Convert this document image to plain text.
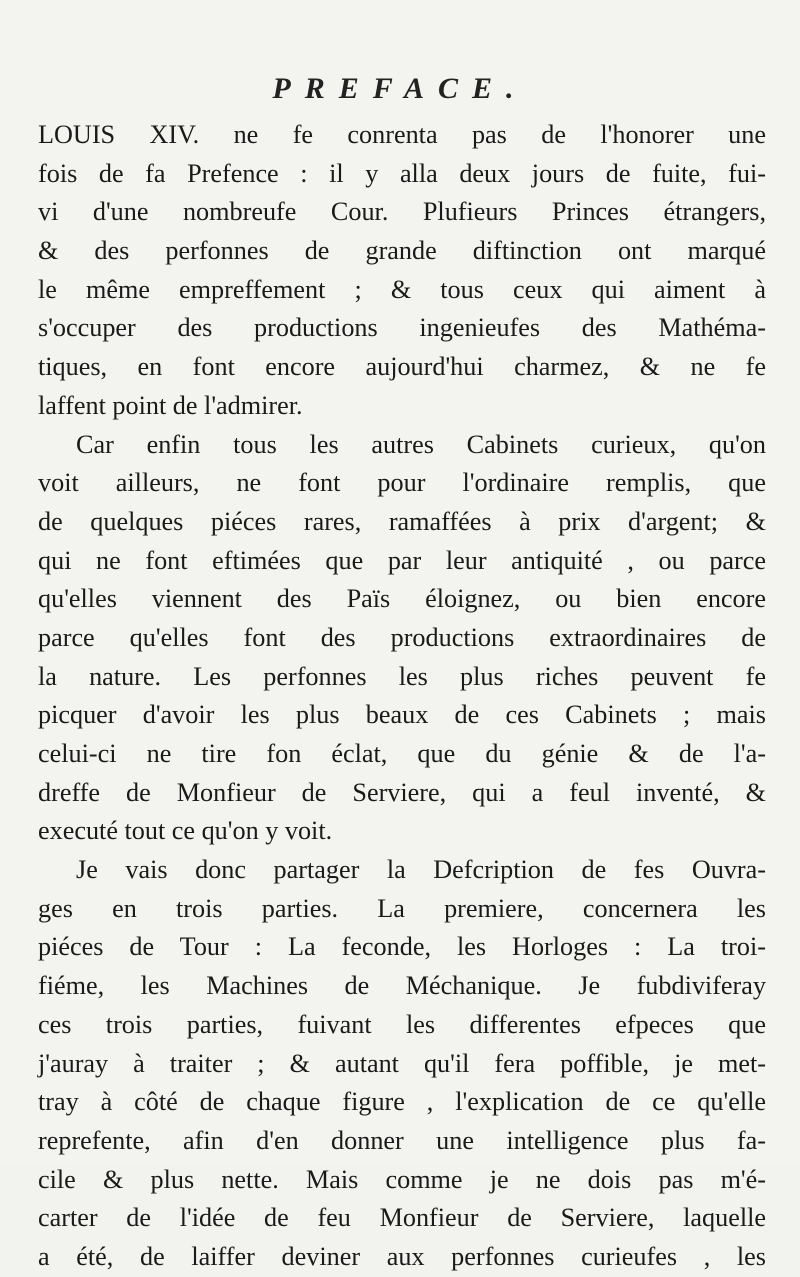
PREFACE.
LOUIS XIV. ne fe conrenta pas de l'honorer une
fois de fa Prefence : il y alla deux jours de fuite, fui-
vi d'une nombreufe Cour. Plufieurs Princes étrangers,
& des perfonnes de grande diftinction ont marqué
le même empreffement ; & tous ceux qui aiment à
s'occuper des productions ingenieufes des Mathéma-
tiques, en font encore aujourd'hui charmez, & ne fe
laffent point de l'admirer.
Car enfin tous les autres Cabinets curieux, qu'on
voit ailleurs, ne font pour l'ordinaire remplis, que
de quelques piéces rares, ramaffées à prix d'argent; &
qui ne font eftimées que par leur antiquité , ou parce
qu'elles viennent des Païs éloignez, ou bien encore
parce qu'elles font des productions extraordinaires de
la nature. Les perfonnes les plus riches peuvent fe
picquer d'avoir les plus beaux de ces Cabinets ; mais
celui-ci ne tire fon éclat, que du génie & de l'a-
dreffe de Monfieur de Serviere, qui a feul inventé, &
executé tout ce qu'on y voit.
Je vais donc partager la Defcription de fes Ouvra-
ges en trois parties. La premiere, concernera les
piéces de Tour : La feconde, les Horloges : La troi-
fiéme, les Machines de Méchanique. Je fubdiviferay
ces trois parties, fuivant les differentes efpeces que
j'auray à traiter ; & autant qu'il fera poffible, je met-
tray à côté de chaque figure , l'explication de ce qu'elle
reprefente, afin d'en donner une intelligence plus fa-
cile & plus nette. Mais comme je ne dois pas m'é-
carter de l'idée de feu Monfieur de Serviere, laquelle
a été, de laiffer deviner aux perfonnes curieufes , les
